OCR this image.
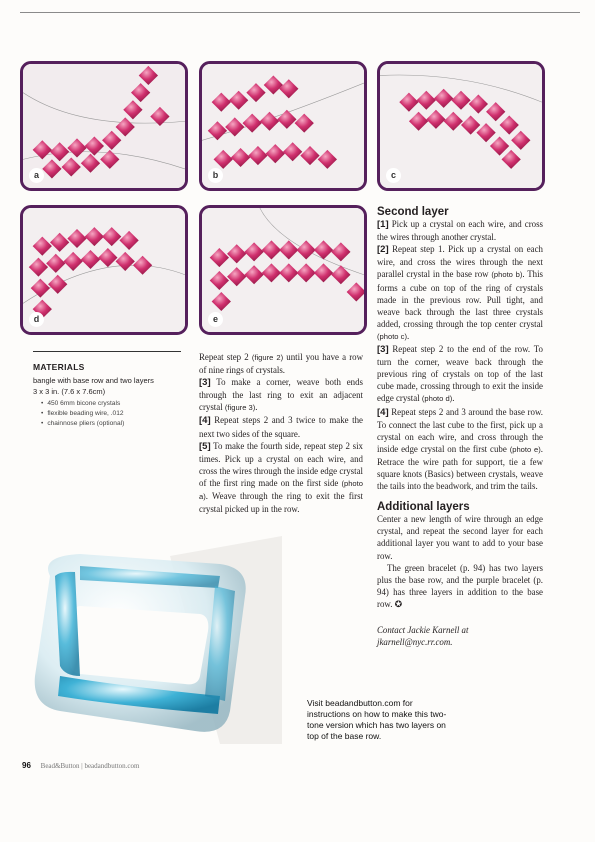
a	b	c
d	e
MATERIALS
bangle with base row and two layers
3 x 3 in. (7.6 x 7.6cm)
• 450 6mm bicone crystals
• flexible beading wire, .012
• chainnose pliers (optional)

Repeat step 2 (figure 2) until you have a row of nine rings of crystals.

[3] To make a corner, weave both ends through the last ring to exit an adjacent crystal (figure 3).

[4] Repeat steps 2 and 3 twice to make the next two sides of the square.

[5] To make the fourth side, repeat step 2 six times. Pick up a crystal on each wire, and cross the wires through the inside edge crystal of the first ring made on the first side (photo a). Weave through the ring to exit the first crystal picked up in the row.

Second layer

[1] Pick up a crystal on each wire, and cross the wires through another crystal.

[2] Repeat step 1. Pick up a crystal on each wire, and cross the wires through the next parallel crystal in the base row (photo b). This forms a cube on top of the ring of crystals made in the previous row. Pull tight, and weave back through the last three crystals added, crossing through the top center crystal (photo c).

[3] Repeat step 2 to the end of the row. To turn the corner, weave back through the previous ring of crystals on top of the last cube made, crossing through to exit the inside edge crystal (photo d).

[4] Repeat steps 2 and 3 around the base row. To connect the last cube to the first, pick up a crystal on each wire, and cross through the inside edge crystal on the first cube (photo e). Retrace the wire path for support, tie a few square knots (Basics) between crystals, weave the tails into the beadwork, and trim the tails.

Additional layers

Center a new length of wire through an edge crystal, and repeat the second layer for each additional layer you want to add to your base row.

The green bracelet (p. 94) has two layers plus the base row, and the purple bracelet (p. 94) has three layers in addition to the base row. ✪

Contact Jackie Karnell at

jkarnell@nyc.rr.com.

Visit beadandbutton.com for instructions on how to make this two-tone version which has two layers on top of the base row.
96 Bead&Button | beadandbutton.com
